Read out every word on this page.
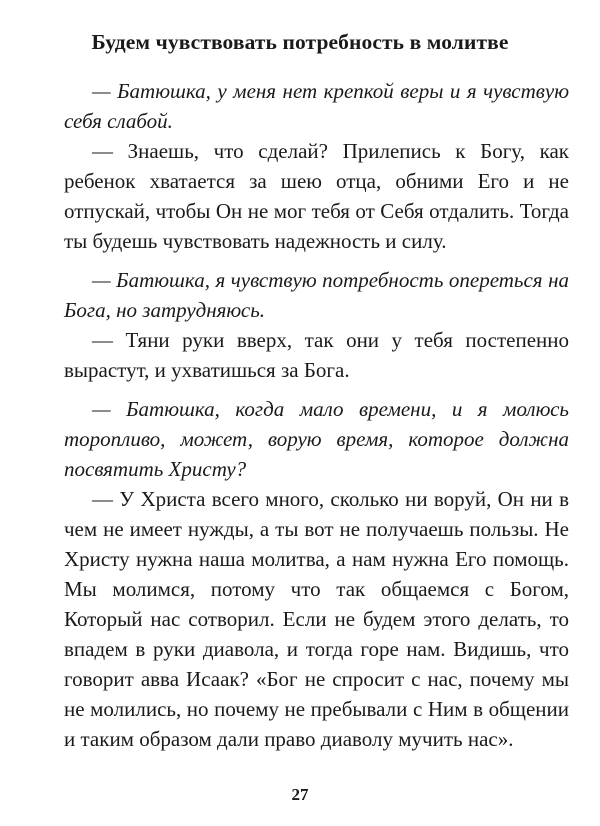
Будем чувствовать потребность в молитве

— Батюшка, у меня нет крепкой веры и я чувствую себя слабой.

— Знаешь, что сделай? Прилепись к Богу, как ребенок хватается за шею отца, обними Его и не отпускай, чтобы Он не мог тебя от Себя отдалить. Тогда ты будешь чувствовать надежность и силу.

— Батюшка, я чувствую потребность опереться на Бога, но затрудняюсь.

— Тяни руки вверх, так они у тебя постепенно вырастут, и ухватишься за Бога.

— Батюшка, когда мало времени, и я молюсь торопливо, может, ворую время, которое должна посвятить Христу?

— У Христа всего много, сколько ни воруй, Он ни в чем не имеет нужды, а ты вот не получаешь пользы. Не Христу нужна наша молитва, а нам нужна Его помощь. Мы молимся, потому что так общаемся с Богом, Который нас сотворил. Если не будем этого делать, то впадем в руки диавола, и тогда горе нам. Видишь, что говорит авва Исаак? «Бог не спросит с нас, почему мы не молились, но почему не пребывали с Ним в общении и таким образом дали право диаволу мучить нас».

27
